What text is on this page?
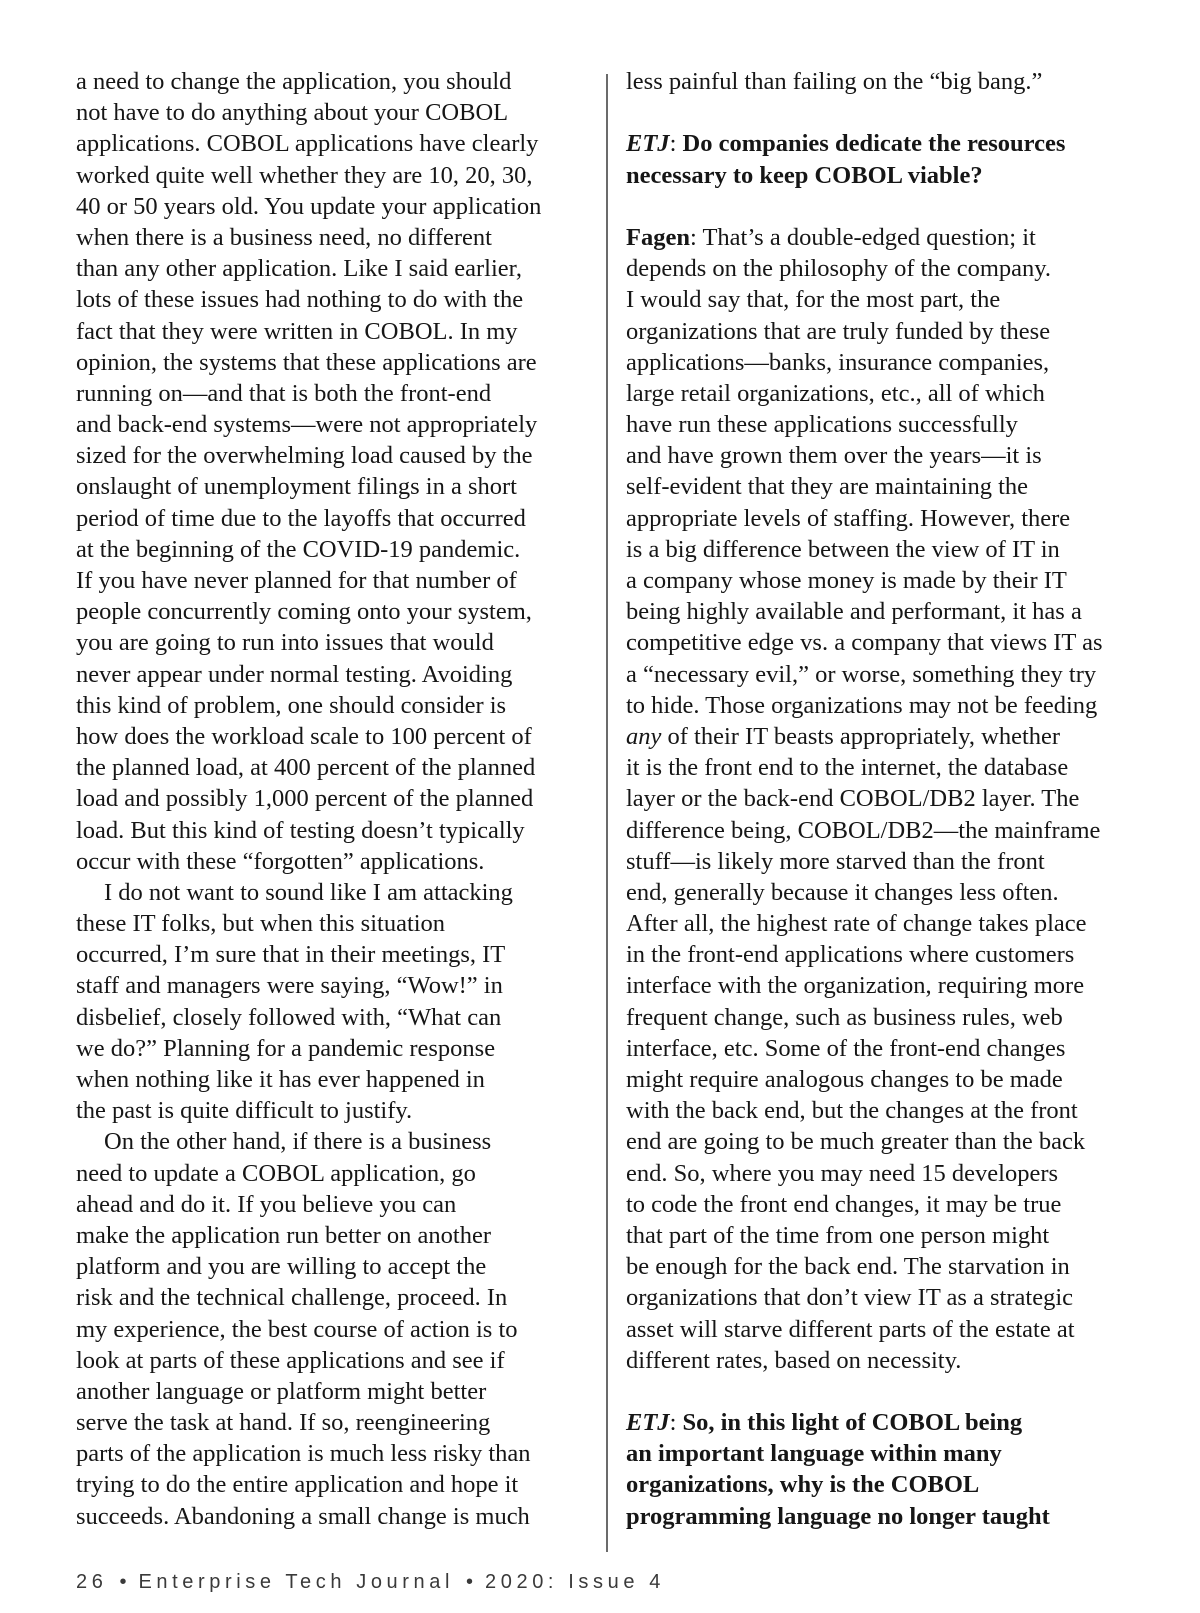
a need to change the application, you should
not have to do anything about your COBOL
applications. COBOL applications have clearly
worked quite well whether they are 10, 20, 30,
40 or 50 years old. You update your application
when there is a business need, no different
than any other application. Like I said earlier,
lots of these issues had nothing to do with the
fact that they were written in COBOL. In my
opinion, the systems that these applications are
running on—and that is both the front-end
and back-end systems—were not appropriately
sized for the overwhelming load caused by the
onslaught of unemployment filings in a short
period of time due to the layoffs that occurred
at the beginning of the COVID-19 pandemic.
If you have never planned for that number of
people concurrently coming onto your system,
you are going to run into issues that would
never appear under normal testing. Avoiding
this kind of problem, one should consider is
how does the workload scale to 100 percent of
the planned load, at 400 percent of the planned
load and possibly 1,000 percent of the planned
load. But this kind of testing doesn’t typically
occur with these “forgotten” applications.
I do not want to sound like I am attacking
these IT folks, but when this situation
occurred, I’m sure that in their meetings, IT
staff and managers were saying, “Wow!” in
disbelief, closely followed with, “What can
we do?” Planning for a pandemic response
when nothing like it has ever happened in
the past is quite difficult to justify.
On the other hand, if there is a business
need to update a COBOL application, go
ahead and do it. If you believe you can
make the application run better on another
platform and you are willing to accept the
risk and the technical challenge, proceed. In
my experience, the best course of action is to
look at parts of these applications and see if
another language or platform might better
serve the task at hand. If so, reengineering
parts of the application is much less risky than
trying to do the entire application and hope it
succeeds. Abandoning a small change is much
less painful than failing on the “big bang.”
ETJ: Do companies dedicate the resources
necessary to keep COBOL viable?
Fagen: That’s a double-edged question; it
depends on the philosophy of the company.
I would say that, for the most part, the
organizations that are truly funded by these
applications—banks, insurance companies,
large retail organizations, etc., all of which
have run these applications successfully
and have grown them over the years—it is
self-evident that they are maintaining the
appropriate levels of staffing. However, there
is a big difference between the view of IT in
a company whose money is made by their IT
being highly available and performant, it has a
competitive edge vs. a company that views IT as
a “necessary evil,” or worse, something they try
to hide. Those organizations may not be feeding
any of their IT beasts appropriately, whether
it is the front end to the internet, the database
layer or the back-end COBOL/DB2 layer. The
difference being, COBOL/DB2—the mainframe
stuff—is likely more starved than the front
end, generally because it changes less often.
After all, the highest rate of change takes place
in the front-end applications where customers
interface with the organization, requiring more
frequent change, such as business rules, web
interface, etc. Some of the front-end changes
might require analogous changes to be made
with the back end, but the changes at the front
end are going to be much greater than the back
end. So, where you may need 15 developers
to code the front end changes, it may be true
that part of the time from one person might
be enough for the back end. The starvation in
organizations that don’t view IT as a strategic
asset will starve different parts of the estate at
different rates, based on necessity.
ETJ: So, in this light of COBOL being
an important language within many
organizations, why is the COBOL
programming language no longer taught
26 • Enterprise Tech Journal • 2020: Issue 4
